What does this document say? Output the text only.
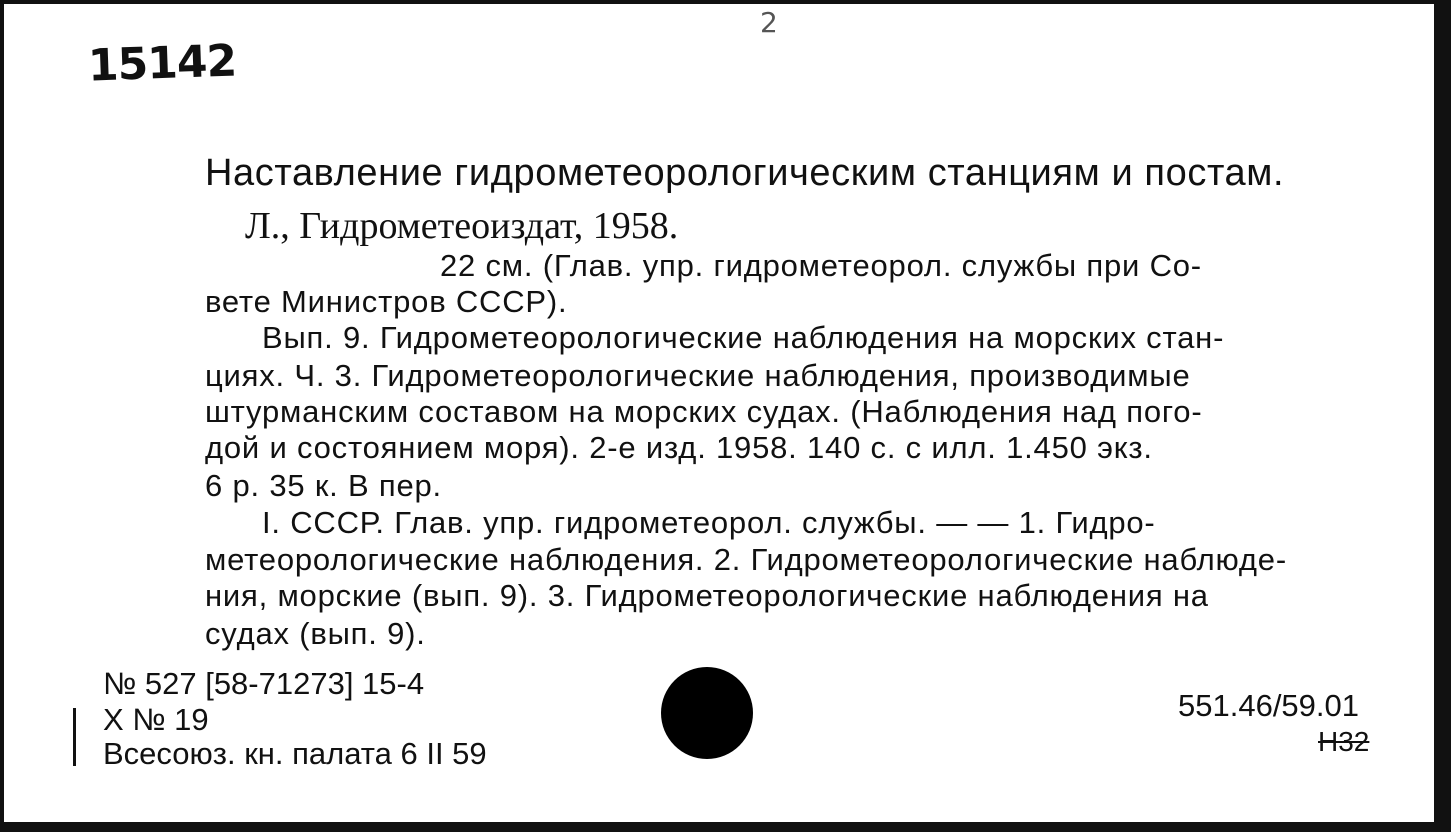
15142
2
Наставление гидрометеорологическим станциям и постам.
Л., Гидрометеоиздат, 1958.
22 см. (Глав. упр. гидрометеорол. службы при Со-
вете Министров СССР).
Вып. 9. Гидрометеорологические наблюдения на морских стан-
циях. Ч. 3. Гидрометеорологические наблюдения, производимые
штурманским составом на морских судах. (Наблюдения над пого-
дой и состоянием моря). 2-е изд. 1958. 140 с. с илл. 1.450 экз.
6 р. 35 к. В пер.
I. СССР. Глав. упр. гидрометеорол. службы. — — 1. Гидро-
метеорологические наблюдения. 2. Гидрометеорологические наблюде-
ния, морские (вып. 9). 3. Гидрометеорологические наблюдения на
судах (вып. 9).
№ 527 [58-71273] 15-4
X № 19
Всесоюз. кн. палата 6 II 59
551.46/59.01
Н32
